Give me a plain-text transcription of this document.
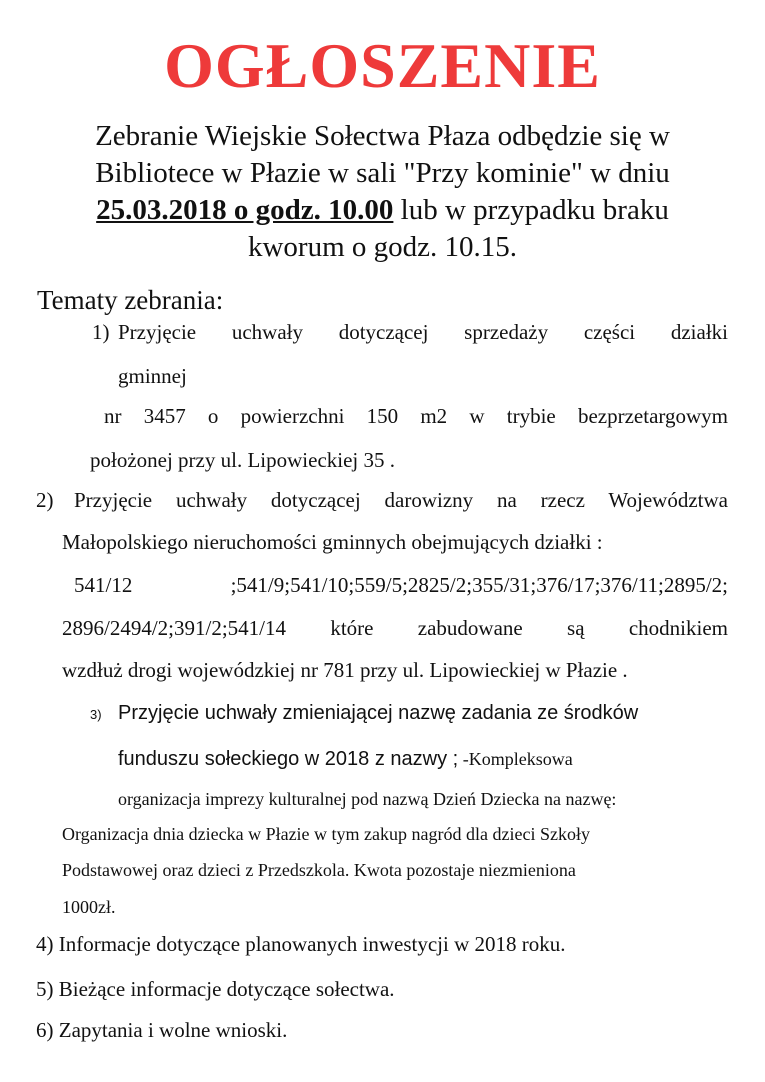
OGŁOSZENIE
Zebranie Wiejskie Sołectwa Płaza odbędzie się w
Bibliotece w Płazie w sali "Przy kominie" w dniu
25.03.2018 o godz. 10.00 lub w przypadku braku
kworum o godz. 10.15.
Tematy zebrania:
1) Przyjęcie uchwały dotyczącej sprzedaży części działki
gminnej
nr 3457 o powierzchni 150 m2 w trybie bezprzetargowym
położonej przy ul. Lipowieckiej 35 .
2) Przyjęcie uchwały dotyczącej darowizny na rzecz Województwa
Małopolskiego nieruchomości gminnych obejmujących działki :
541/12 ;541/9;541/10;559/5;2825/2;355/31;376/17;376/11;2895/2;
2896/2494/2;391/2;541/14 które zabudowane są chodnikiem
wzdłuż drogi wojewódzkiej nr 781 przy ul. Lipowieckiej w Płazie .
3) Przyjęcie uchwały zmieniającej nazwę zadania ze środków
funduszu sołeckiego w 2018 z nazwy ; -Kompleksowa
organizacja imprezy kulturalnej pod nazwą Dzień Dziecka na nazwę:
Organizacja dnia dziecka w Płazie w tym zakup nagród dla dzieci Szkoły
Podstawowej oraz dzieci z Przedszkola. Kwota pozostaje niezmieniona
1000zł.
4) Informacje dotyczące planowanych inwestycji w 2018 roku.
5) Bieżące informacje dotyczące sołectwa.
6) Zapytania i wolne wnioski.
